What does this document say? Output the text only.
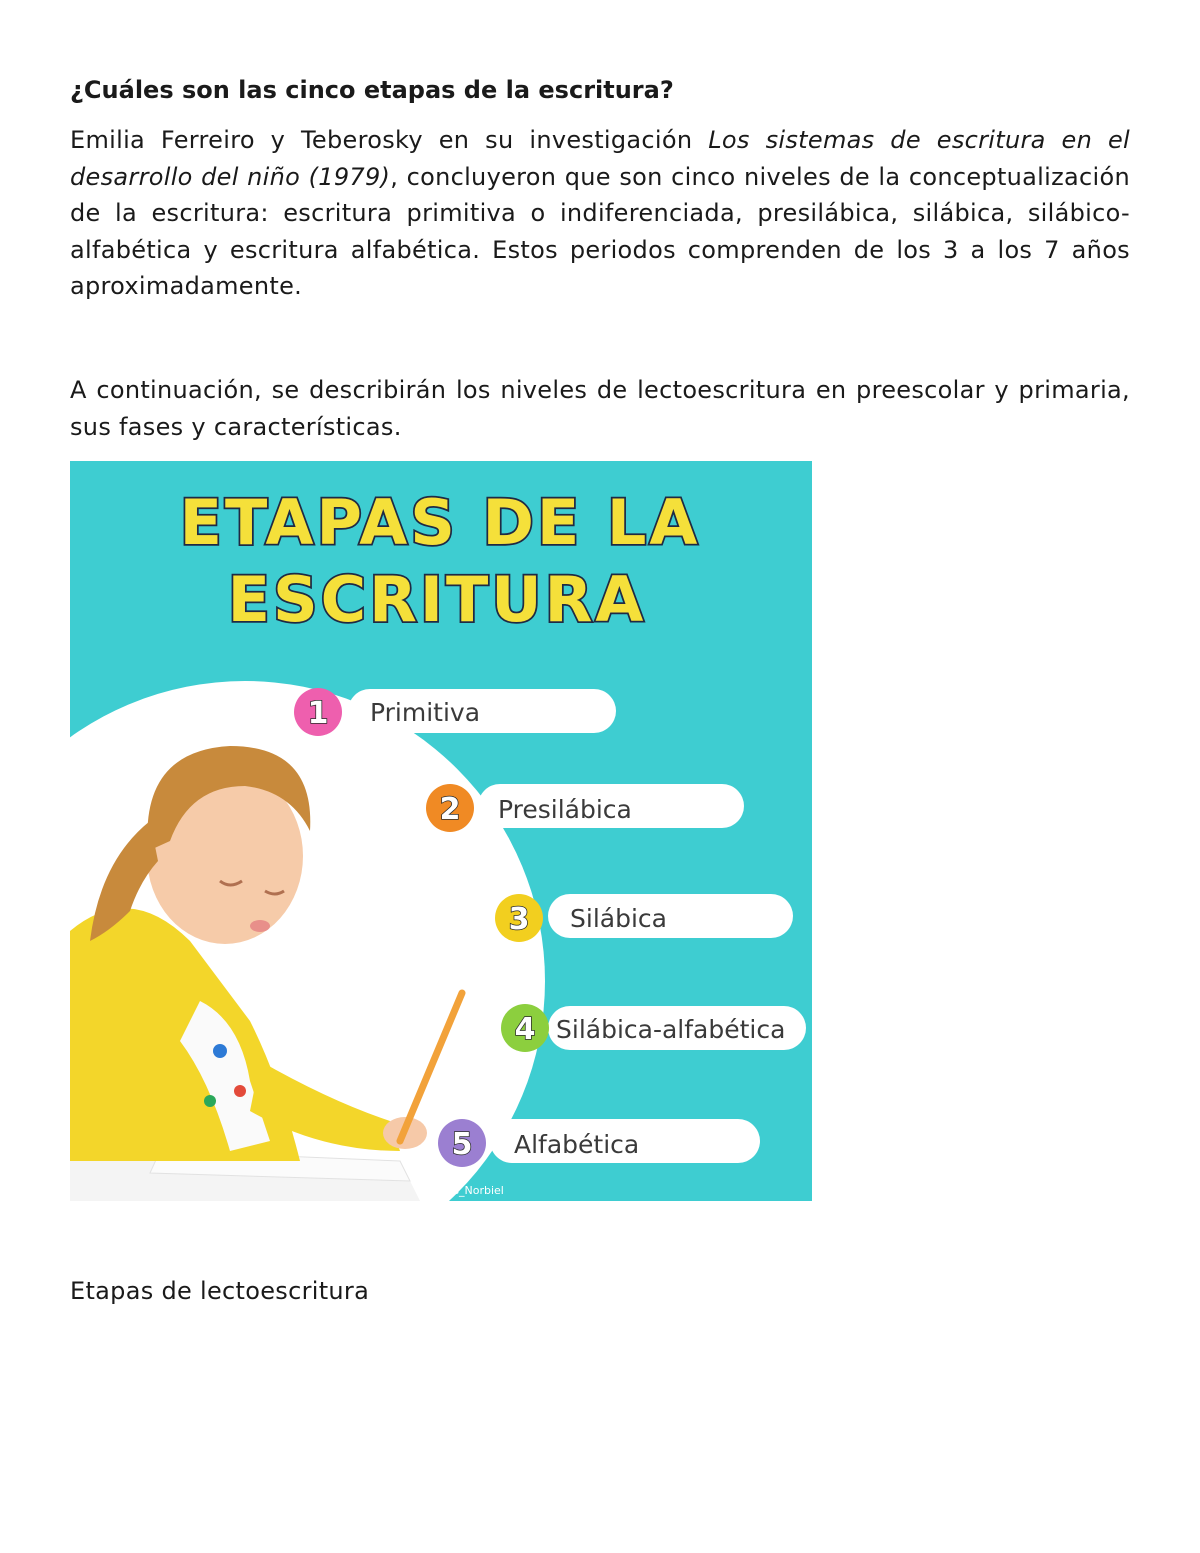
¿Cuáles son las cinco etapas de la escritura?
Emilia Ferreiro y Teberosky en su investigación Los sistemas de escritura en el desarrollo del niño (1979), concluyeron que son cinco niveles de la conceptualización de la escritura: escritura primitiva o indiferenciada, presilábica, silábica, silábico-alfabética y escritura alfabética. Estos periodos comprenden de los 3 a los 7 años aproximadamente.
A continuación, se describirán los niveles de lectoescritura en preescolar y primaria, sus fases y características.
ETAPAS DE LA
ESCRITURA
1 Primitiva
2 Presilábica
3 Silábica
4 Silábica-alfabética
5 Alfabética
@Miss_Norbiel
Etapas de lectoescritura
